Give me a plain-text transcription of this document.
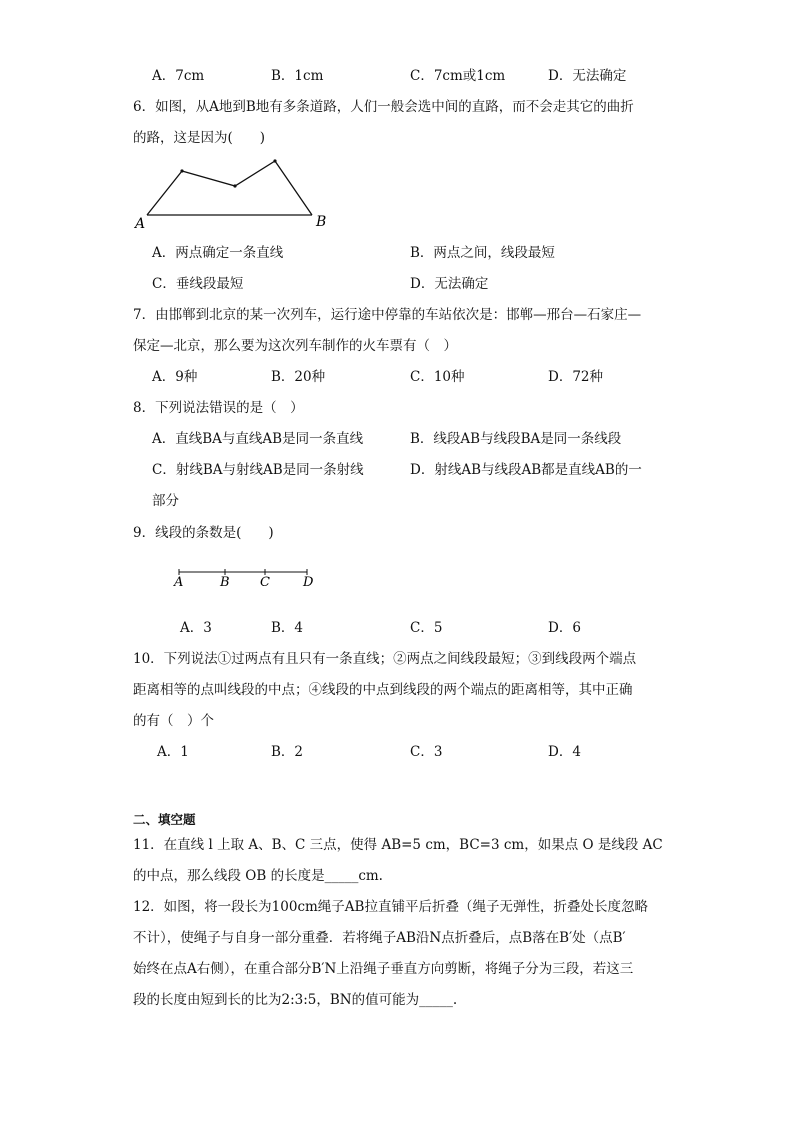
A．7cm	B．1cm	C．7cm或1cm	D．无法确定
6．如图，从A地到B地有多条道路，人们一般会选中间的直路，而不会走其它的曲折
的路，这是因为(　　)
A	B
A．两点确定一条直线	B．两点之间，线段最短
C．垂线段最短	D．无法确定
7．由邯郸到北京的某一次列车，运行途中停靠的车站依次是：邯郸—邢台—石家庄—
保定—北京，那么要为这次列车制作的火车票有（　）
A．9种	B．20种	C．10种	D．72种
8．下列说法错误的是（　）
A．直线BA与直线AB是同一条直线	B．线段AB与线段BA是同一条线段
C．射线BA与射线AB是同一条射线	D．射线AB与线段AB都是直线AB的一
部分
9．线段的条数是(　　)
A	B C	D
A．3	B．4	C．5	D．6
10．下列说法①过两点有且只有一条直线；②两点之间线段最短；③到线段两个端点
距离相等的点叫线段的中点；④线段的中点到线段的两个端点的距离相等，其中正确
的有（　）个
A．1	B．2	C．3	D．4
二、填空题
11．在直线 l 上取 A、B、C 三点，使得 AB=5 cm，BC=3 cm，如果点 O 是线段 AC
的中点，那么线段 OB 的长度是_____cm.
12．如图，将一段长为100cm绳子AB拉直铺平后折叠（绳子无弹性，折叠处长度忽略
不计），使绳子与自身一部分重叠．若将绳子AB沿N点折叠后，点B落在B′处（点B′
始终在点A右侧），在重合部分B′N上沿绳子垂直方向剪断，将绳子分为三段，若这三
段的长度由短到长的比为2:3:5，BN的值可能为_____.
